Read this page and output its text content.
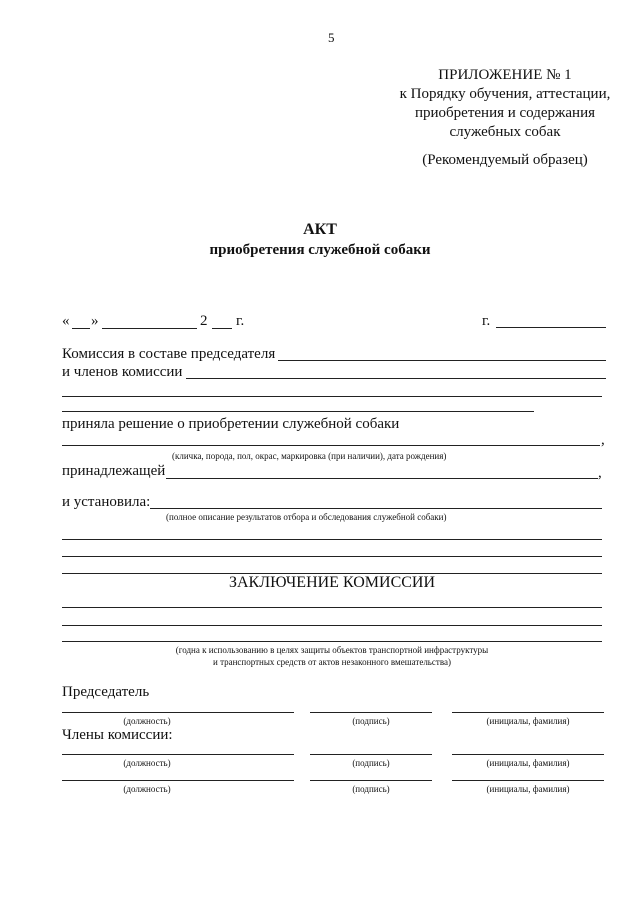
5
ПРИЛОЖЕНИЕ № 1
к Порядку обучения, аттестации,
приобретения и содержания
служебных собак
(Рекомендуемый образец)
АКТ
приобретения служебной собаки
« »	2 г.	г.
Комиссия в составе председателя
и членов комиссии
приняла решение о приобретении служебной собаки
,
(кличка, порода, пол, окрас, маркировка (при наличии), дата рождения)
принадлежащей	,
и установила:
(полное описание результатов отбора и обследования служебной собаки)
ЗАКЛЮЧЕНИЕ КОМИССИИ
(годна к использованию в целях защиты объектов транспортной инфраструктуры
и транспортных средств от актов незаконного вмешательства)
Председатель
(должность)	(подпись)	(инициалы, фамилия)
Члены комиссии:
(должность)	(подпись)	(инициалы, фамилия)
(должность)	(подпись)	(инициалы, фамилия)
